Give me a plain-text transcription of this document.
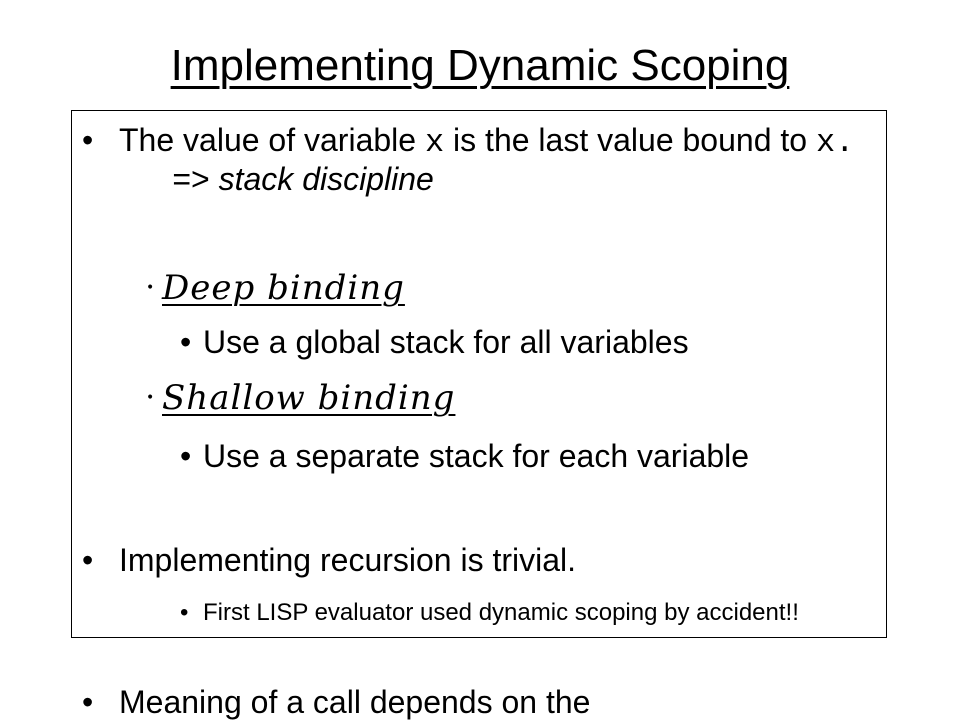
Implementing Dynamic Scoping
• The value of variable x is the last value bound to x.      => stack discipline
• Deep binding
• Use a global stack for all variables
• Shallow binding
• Use a separate stack for each variable
• Implementing recursion is trivial.
• First LISP evaluator used dynamic scoping by accident!!
• Meaning of a call depends on the
